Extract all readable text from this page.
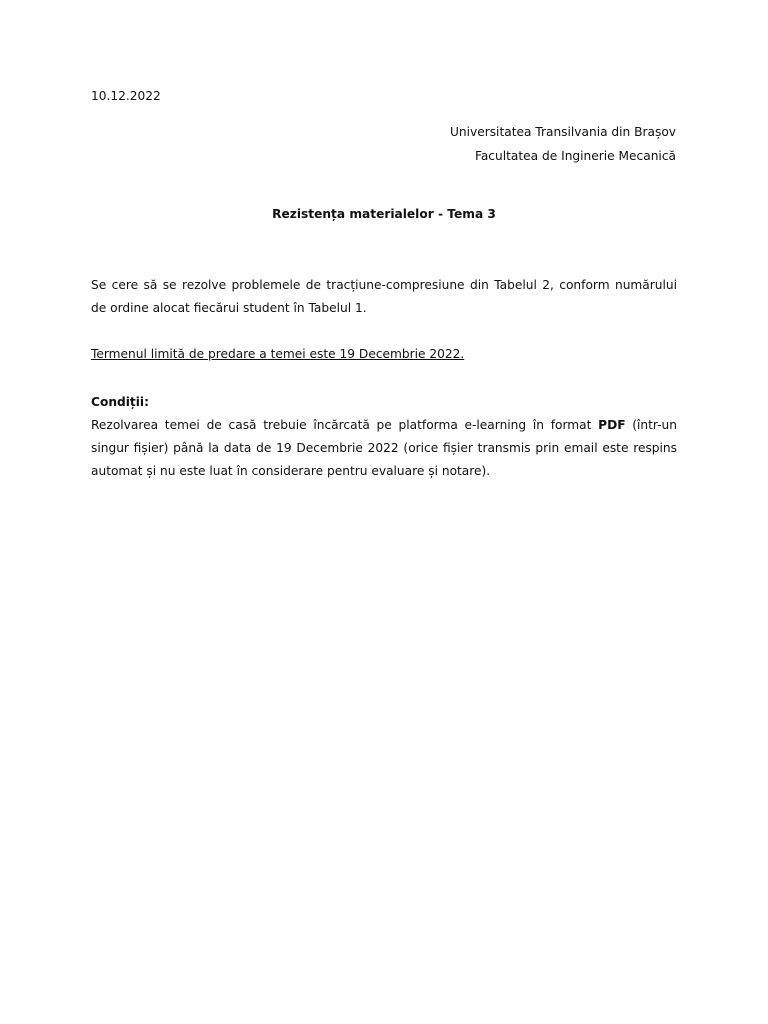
10.12.2022
Universitatea Transilvania din Brașov
Facultatea de Inginerie Mecanică
Rezistența materialelor - Tema 3
Se cere să se rezolve problemele de tracțiune-compresiune din Tabelul 2, conform numărului de ordine alocat fiecărui student în Tabelul 1.
Termenul limită de predare a temei este 19 Decembrie 2022.
Condiții:
Rezolvarea temei de casă trebuie încărcată pe platforma e-learning în format PDF (într-un singur fișier) până la data de 19 Decembrie 2022 (orice fișier transmis prin email este respins automat și nu este luat în considerare pentru evaluare și notare).
